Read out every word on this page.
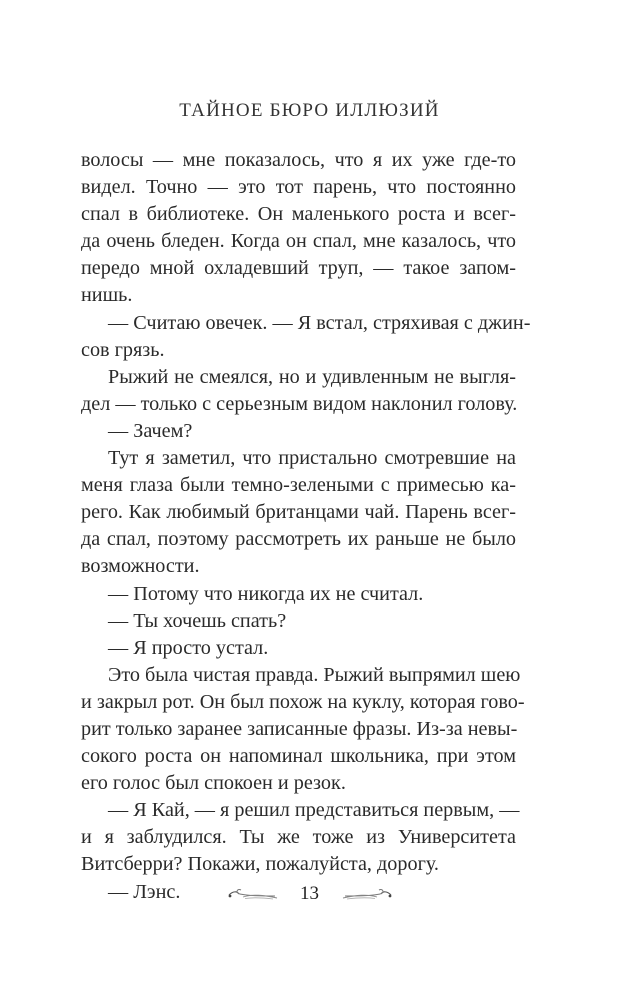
ТАЙНОЕ БЮРО ИЛЛЮЗИЙ
волосы — мне показалось, что я их уже где-то
видел. Точно — это тот парень, что постоянно
спал в библиотеке. Он маленького роста и всег-
да очень бледен. Когда он спал, мне казалось, что
передо мной охладевший труп, — такое запом-
нишь.
— Считаю овечек. — Я встал, стряхивая с джин-
сов грязь.
Рыжий не смеялся, но и удивленным не выгля-
дел — только с серьезным видом наклонил голову.
— Зачем?
Тут я заметил, что пристально смотревшие на
меня глаза были темно-зелеными с примесью ка-
рего. Как любимый британцами чай. Парень всег-
да спал, поэтому рассмотреть их раньше не было
возможности.
— Потому что никогда их не считал.
— Ты хочешь спать?
— Я просто устал.
Это была чистая правда. Рыжий выпрямил шею
и закрыл рот. Он был похож на куклу, которая гово-
рит только заранее записанные фразы. Из-за невы-
сокого роста он напоминал школьника, при этом
его голос был спокоен и резок.
— Я Кай, — я решил представиться первым, —
и я заблудился. Ты же тоже из Университета
Витсберри? Покажи, пожалуйста, дорогу.
— Лэнс.	13
